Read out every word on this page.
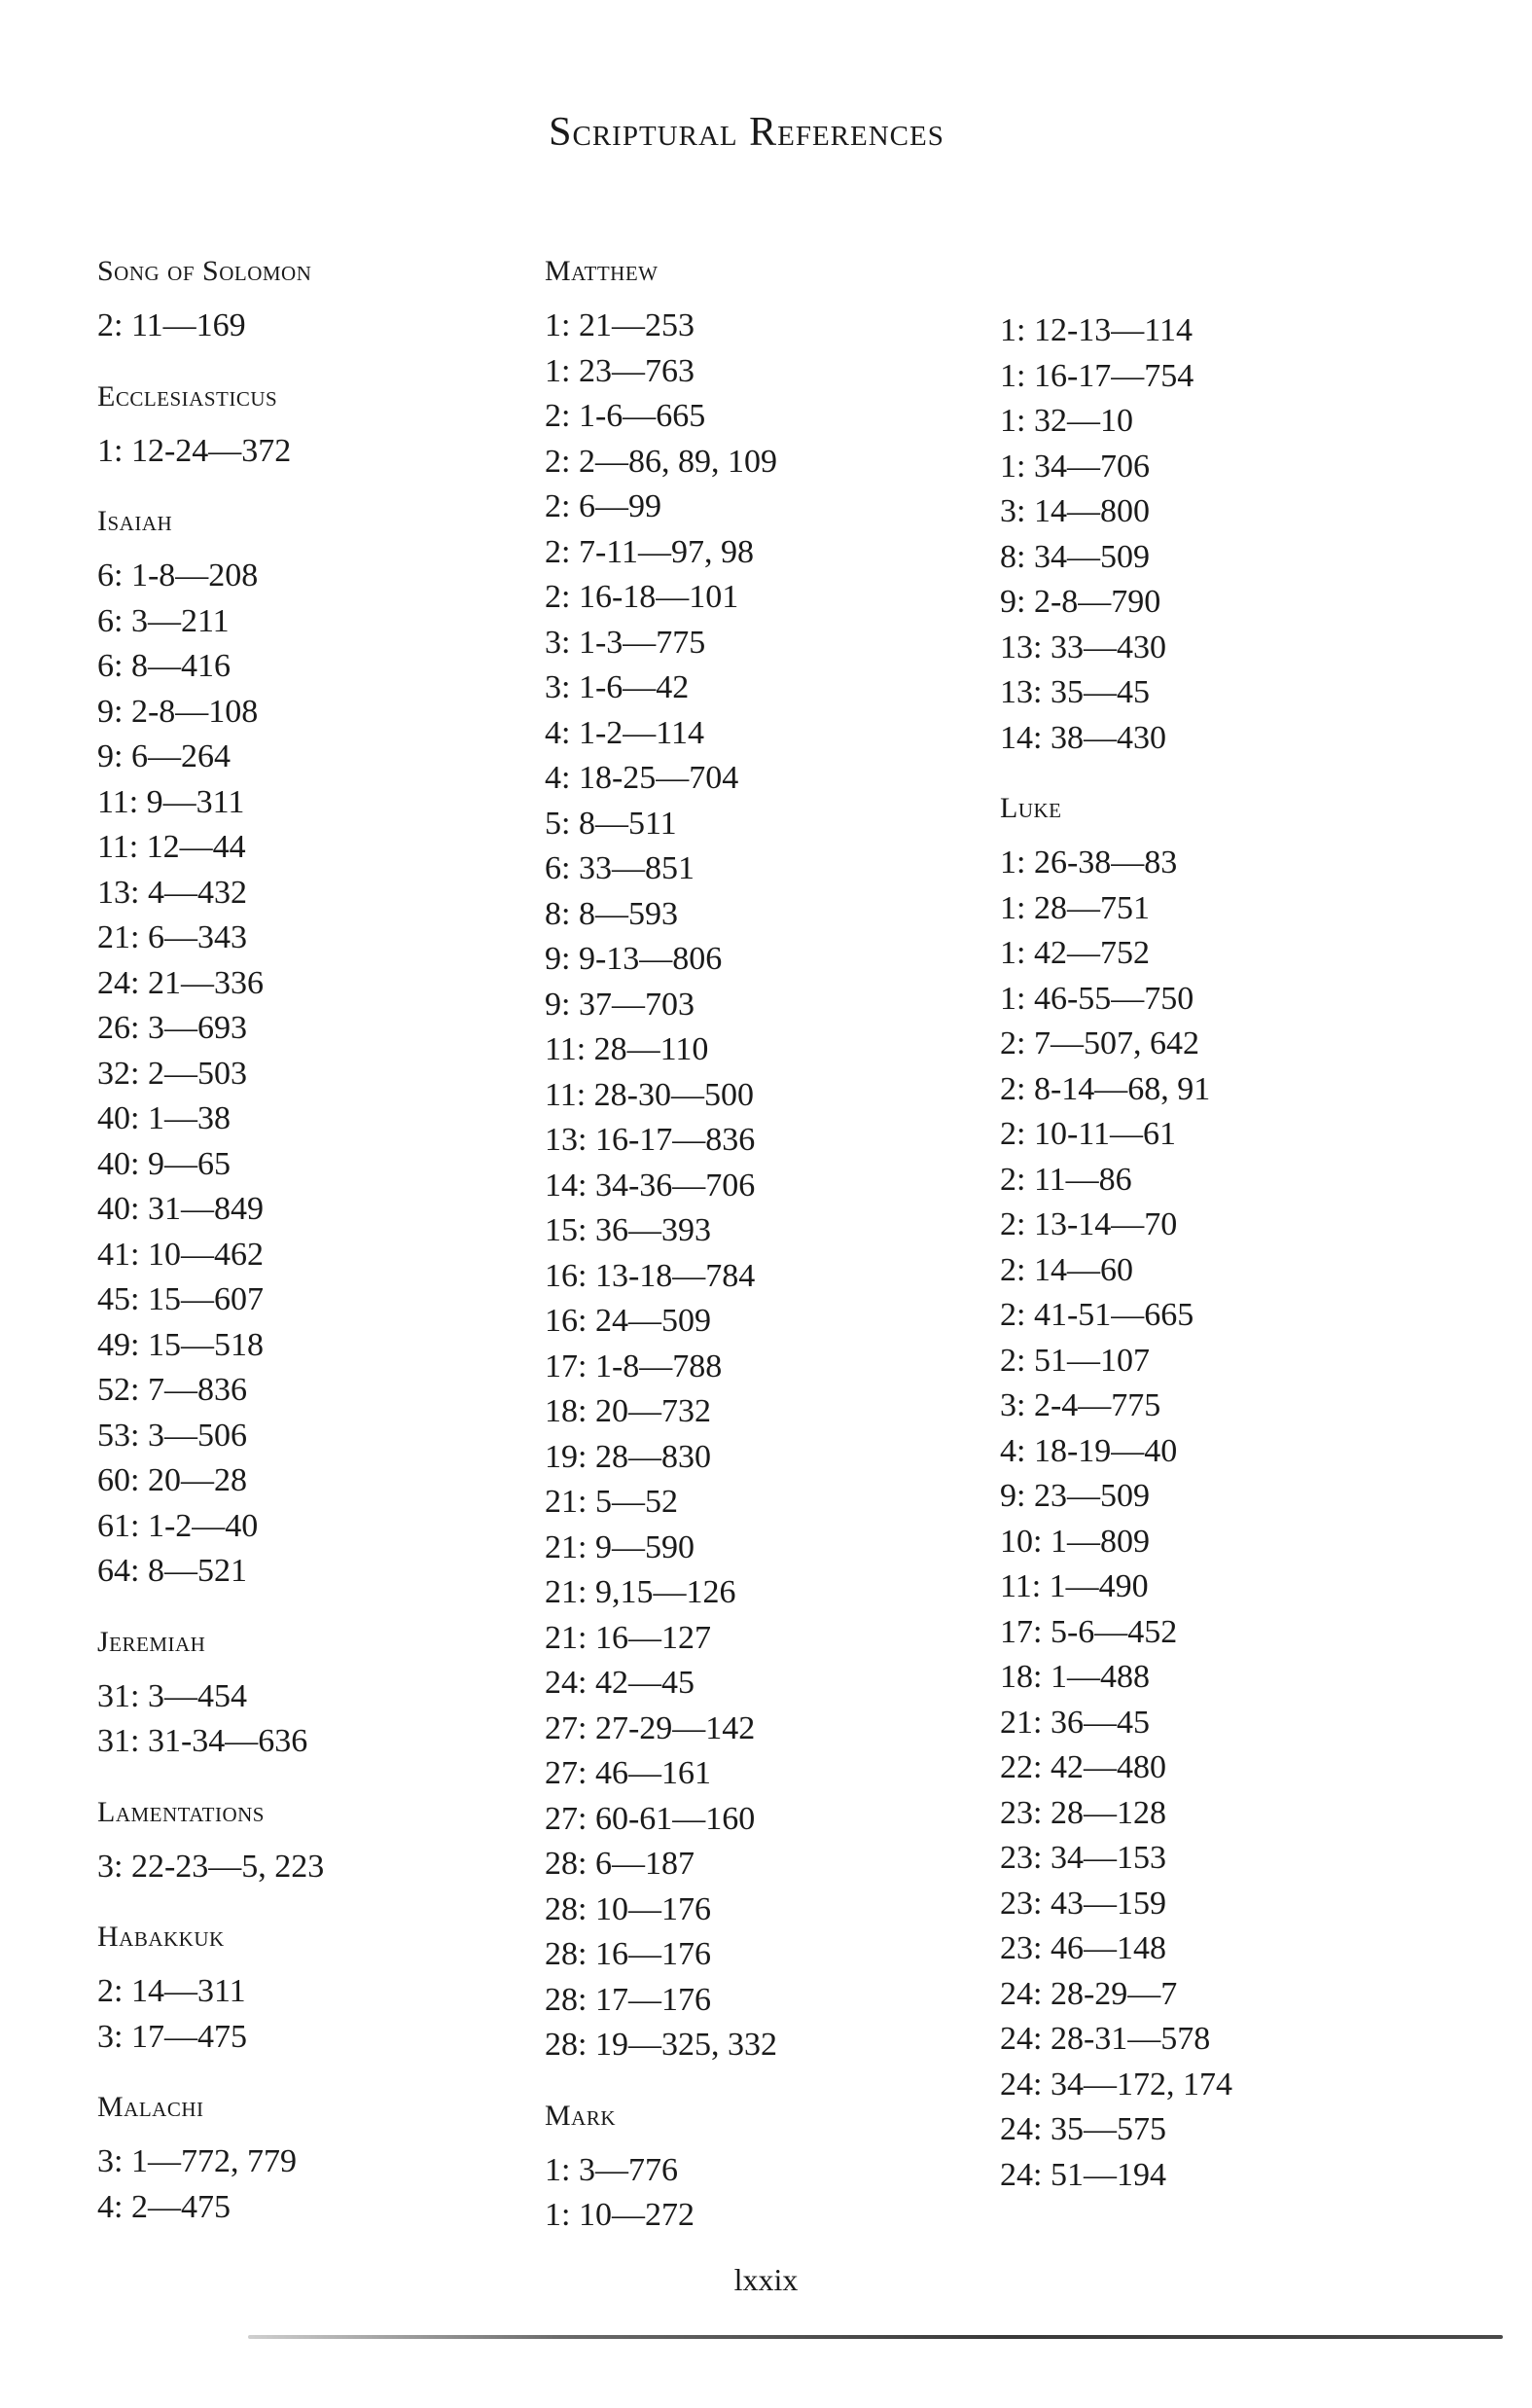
Scriptural References
Song of Solomon
2: 11—169
Ecclesiasticus
1: 12-24—372
Isaiah
6: 1-8—208
6: 3—211
6: 8—416
9: 2-8—108
9: 6—264
11: 9—311
11: 12—44
13: 4—432
21: 6—343
24: 21—336
26: 3—693
32: 2—503
40: 1—38
40: 9—65
40: 31—849
41: 10—462
45: 15—607
49: 15—518
52: 7—836
53: 3—506
60: 20—28
61: 1-2—40
64: 8—521
Jeremiah
31: 3—454
31: 31-34—636
Lamentations
3: 22-23—5, 223
Habakkuk
2: 14—311
3: 17—475
Malachi
3: 1—772, 779
4: 2—475
Matthew
1: 21—253
1: 23—763
2: 1-6—665
2: 2—86, 89, 109
2: 6—99
2: 7-11—97, 98
2: 16-18—101
3: 1-3—775
3: 1-6—42
4: 1-2—114
4: 18-25—704
5: 8—511
6: 33—851
8: 8—593
9: 9-13—806
9: 37—703
11: 28—110
11: 28-30—500
13: 16-17—836
14: 34-36—706
15: 36—393
16: 13-18—784
16: 24—509
17: 1-8—788
18: 20—732
19: 28—830
21: 5—52
21: 9—590
21: 9,15—126
21: 16—127
24: 42—45
27: 27-29—142
27: 46—161
27: 60-61—160
28: 6—187
28: 10—176
28: 16—176
28: 17—176
28: 19—325, 332
Mark
1: 3—776
1: 10—272
1: 12-13—114
1: 16-17—754
1: 32—10
1: 34—706
3: 14—800
8: 34—509
9: 2-8—790
13: 33—430
13: 35—45
14: 38—430
Luke
1: 26-38—83
1: 28—751
1: 42—752
1: 46-55—750
2: 7—507, 642
2: 8-14—68, 91
2: 10-11—61
2: 11—86
2: 13-14—70
2: 14—60
2: 41-51—665
2: 51—107
3: 2-4—775
4: 18-19—40
9: 23—509
10: 1—809
11: 1—490
17: 5-6—452
18: 1—488
21: 36—45
22: 42—480
23: 28—128
23: 34—153
23: 43—159
23: 46—148
24: 28-29—7
24: 28-31—578
24: 34—172, 174
24: 35—575
24: 51—194
lxxix
